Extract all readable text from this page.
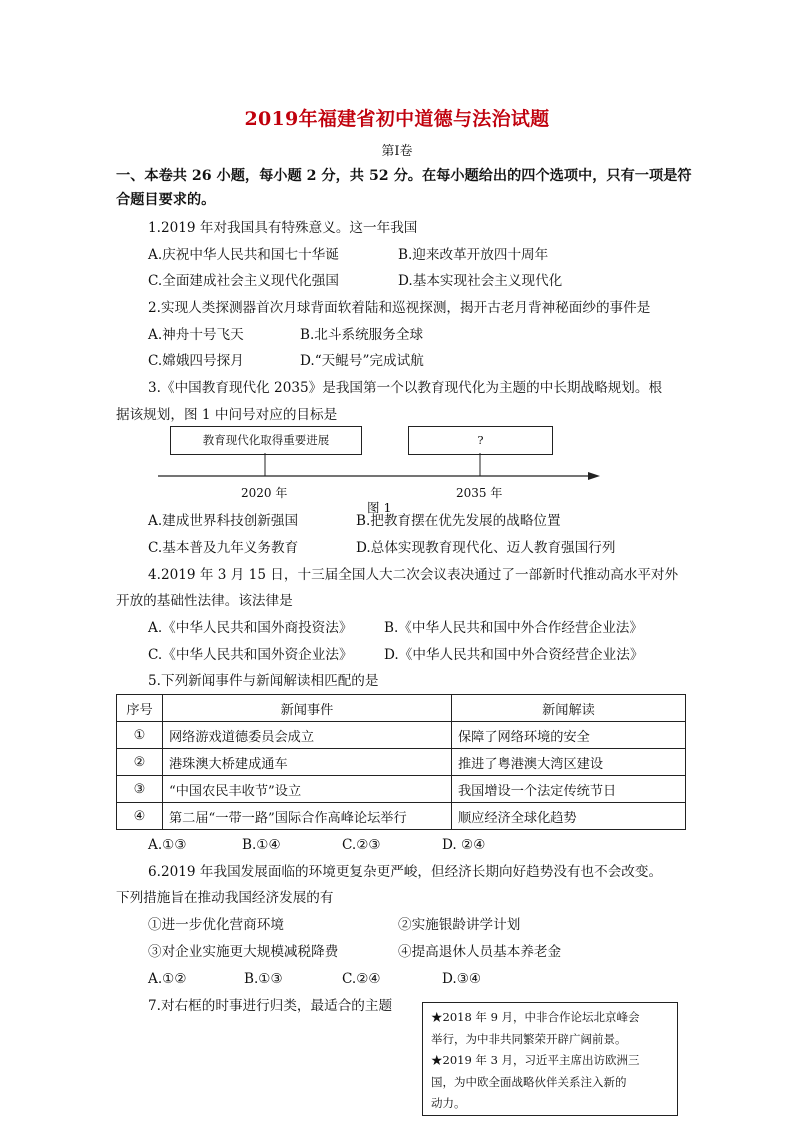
2019年福建省初中道德与法治试题
第Ⅰ卷
一、本卷共 26 小题，每小题 2 分，共 52 分。在每小题给出的四个选项中，只有一项是符
合题目要求的。
1.2019 年对我国具有特殊意义。这一年我国
A.庆祝中华人民共和国七十华诞	B.迎来改革开放四十周年
C.全面建成社会主义现代化强国	D.基本实现社会主义现代化
2.实现人类探测器首次月球背面软着陆和巡视探测，揭开古老月背神秘面纱的事件是
A.神舟十号飞天	B.北斗系统服务全球
C.嫦娥四号探月	D.“天鲲号”完成试航
3.《中国教育现代化 2035》是我国第一个以教育现代化为主题的中长期战略规划。根
据该规划，图 1 中问号对应的目标是
教育现代化取得重要进展	?
2020 年	2035 年
图 1
A.建成世界科技创新强国	B.把教育摆在优先发展的战略位置
C.基本普及九年义务教育	D.总体实现教育现代化、迈人教育强国行列
4.2019 年 3 月 15 日，十三届全国人大二次会议表决通过了一部新时代推动高水平对外
开放的基础性法律。该法律是
A.《中华人民共和国外商投资法》 B.《中华人民共和国中外合作经营企业法》
C.《中华人民共和国外资企业法》 D.《中华人民共和国中外合资经营企业法》
5.下列新闻事件与新闻解读相匹配的是
序号	新闻事件	新闻解读
①	网络游戏道德委员会成立	保障了网络环境的安全
②	港珠澳大桥建成通车	推进了粤港澳大湾区建设
③	“中国农民丰收节”设立	我国增设一个法定传统节日
④	第二届“一带一路”国际合作高峰论坛举行	顺应经济全球化趋势
A.①③	B.①④	C.②③	D. ②④
6.2019 年我国发展面临的环境更复杂更严峻，但经济长期向好趋势没有也不会改变。
下列措施旨在推动我国经济发展的有
①进一步优化营商环境	②实施银龄讲学计划
③对企业实施更大规模减税降费	④提高退休人员基本养老金
A.①②	B.①③	C.②④	D.③④
7.对右框的时事进行归类，最适合的主题
★2018 年 9 月，中非合作论坛北京峰会
举行，为中非共同繁荣开辟广阔前景。
★2019 年 3 月，习近平主席出访欧洲三
国，为中欧全面战略伙伴关系注入新的
动力。
